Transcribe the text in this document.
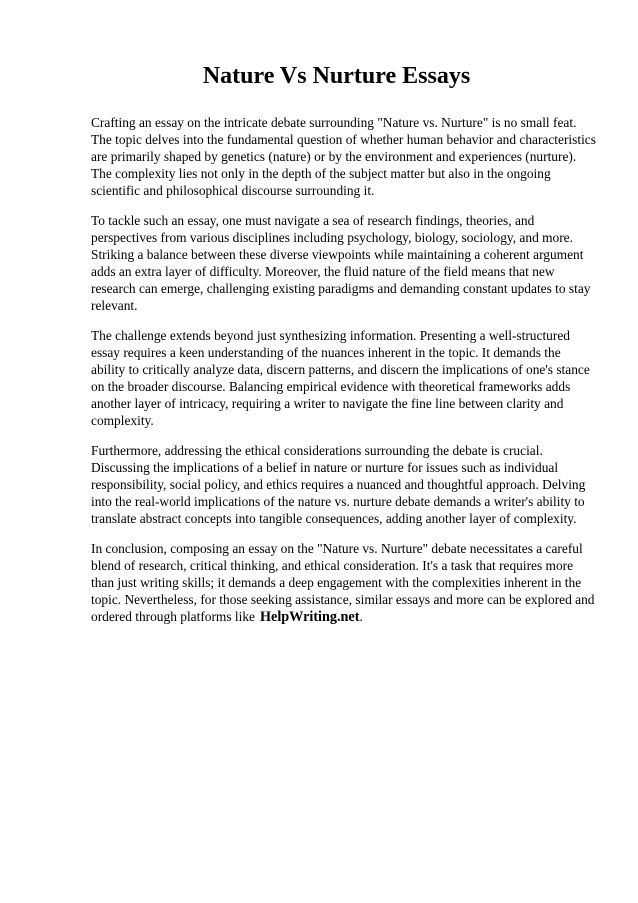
Nature Vs Nurture Essays

Crafting an essay on the intricate debate surrounding "Nature vs. Nurture" is no small feat. The topic delves into the fundamental question of whether human behavior and characteristics are primarily shaped by genetics (nature) or by the environment and experiences (nurture). The complexity lies not only in the depth of the subject matter but also in the ongoing scientific and philosophical discourse surrounding it.

To tackle such an essay, one must navigate a sea of research findings, theories, and perspectives from various disciplines including psychology, biology, sociology, and more. Striking a balance between these diverse viewpoints while maintaining a coherent argument adds an extra layer of difficulty. Moreover, the fluid nature of the field means that new research can emerge, challenging existing paradigms and demanding constant updates to stay relevant.

The challenge extends beyond just synthesizing information. Presenting a well-structured essay requires a keen understanding of the nuances inherent in the topic. It demands the ability to critically analyze data, discern patterns, and discern the implications of one's stance on the broader discourse. Balancing empirical evidence with theoretical frameworks adds another layer of intricacy, requiring a writer to navigate the fine line between clarity and complexity.

Furthermore, addressing the ethical considerations surrounding the debate is crucial. Discussing the implications of a belief in nature or nurture for issues such as individual responsibility, social policy, and ethics requires a nuanced and thoughtful approach. Delving into the real-world implications of the nature vs. nurture debate demands a writer's ability to translate abstract concepts into tangible consequences, adding another layer of complexity.

In conclusion, composing an essay on the "Nature vs. Nurture" debate necessitates a careful blend of research, critical thinking, and ethical consideration. It's a task that requires more than just writing skills; it demands a deep engagement with the complexities inherent in the topic. Nevertheless, for those seeking assistance, similar essays and more can be explored and ordered through platforms like HelpWriting.net.
